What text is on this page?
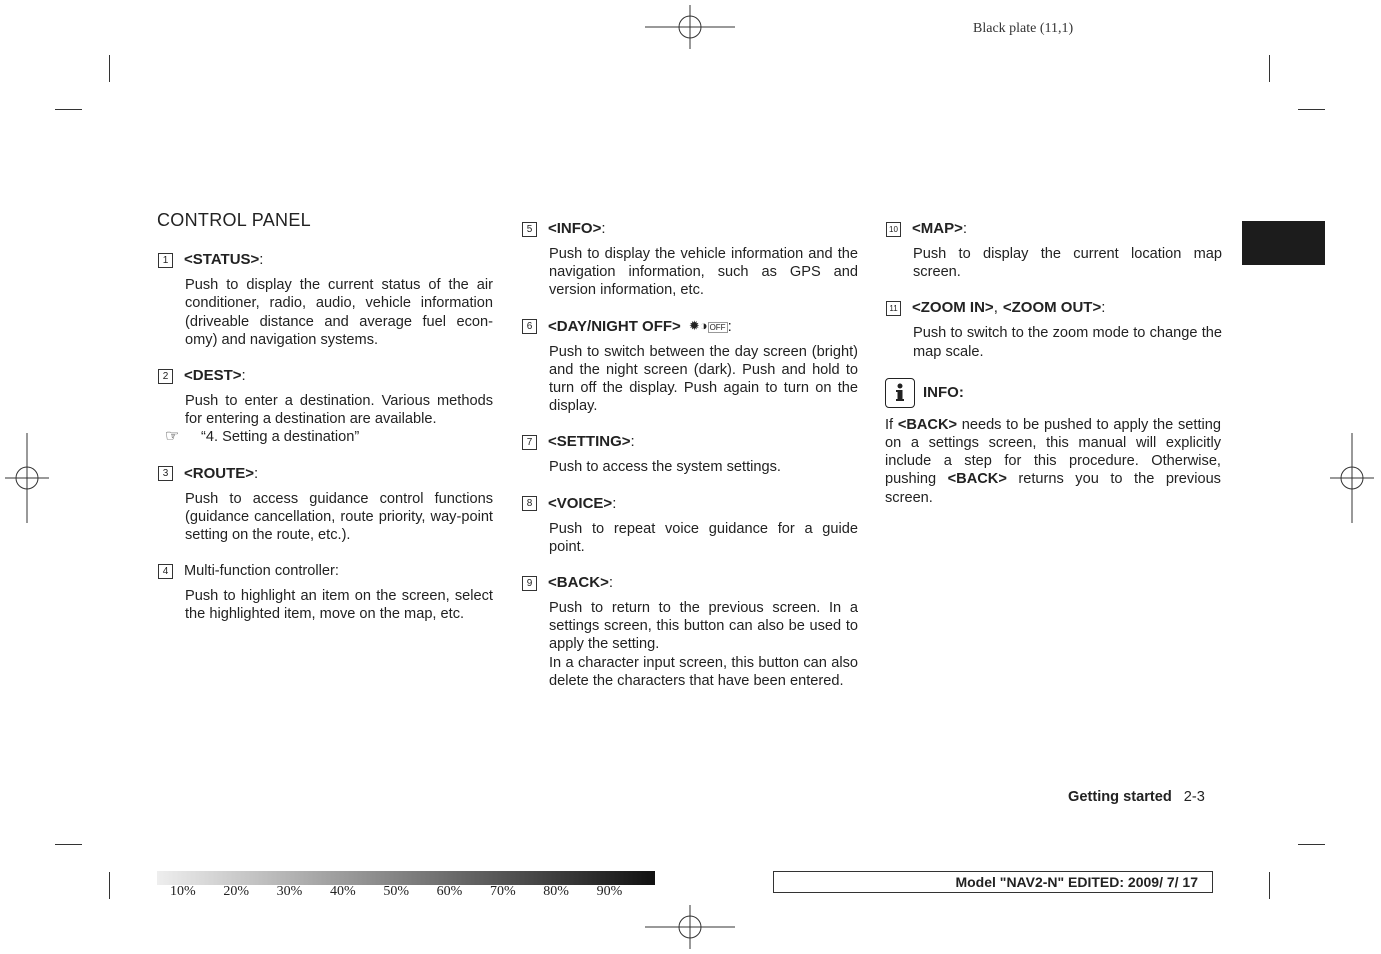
Black plate (11,1)
CONTROL PANEL
1	<STATUS> :
Push to display the current status of the air conditioner, radio, audio, vehicle information (driveable distance and average fuel econ-omy) and navigation systems.
2	<DEST> :
Push to enter a destination. Various methods for entering a destination are available.
☞	“4. Setting a destination”
3	<ROUTE> :
Push to access guidance control functions (guidance cancellation, route priority, way-point setting on the route, etc.).
4	Multi-function controller:
Push to highlight an item on the screen, select the highlighted item, move on the map, etc.
5	<INFO> :
Push to display the vehicle information and the navigation information, such as GPS and version information, etc.
6	<DAY/NIGHT OFF> ✹◑ OFF :
Push to switch between the day screen (bright) and the night screen (dark). Push and hold to turn off the display. Push again to turn on the display.
7	<SETTING> :
Push to access the system settings.
8	<VOICE> :
Push to repeat voice guidance for a guide point.
9	<BACK> :

Push to return to the previous screen. In a settings screen, this button can also be used to apply the setting.

In a character input screen, this button can also delete the characters that have been entered.

10 <MAP> :
Push to display the current location map screen.
11 <ZOOM IN> , <ZOOM OUT> :
Push to switch to the zoom mode to change the map scale.
INFO:
If <BACK> needs to be pushed to apply the setting on a settings screen, this manual will explicitly include a step for this procedure. Otherwise, pushing <BACK> returns you to the previous screen.
Getting started 2-3
10%	20%	30%	40%	50%	60%	70%	80%	90%
Model "NAV2-N" EDITED: 2009/ 7/ 17
